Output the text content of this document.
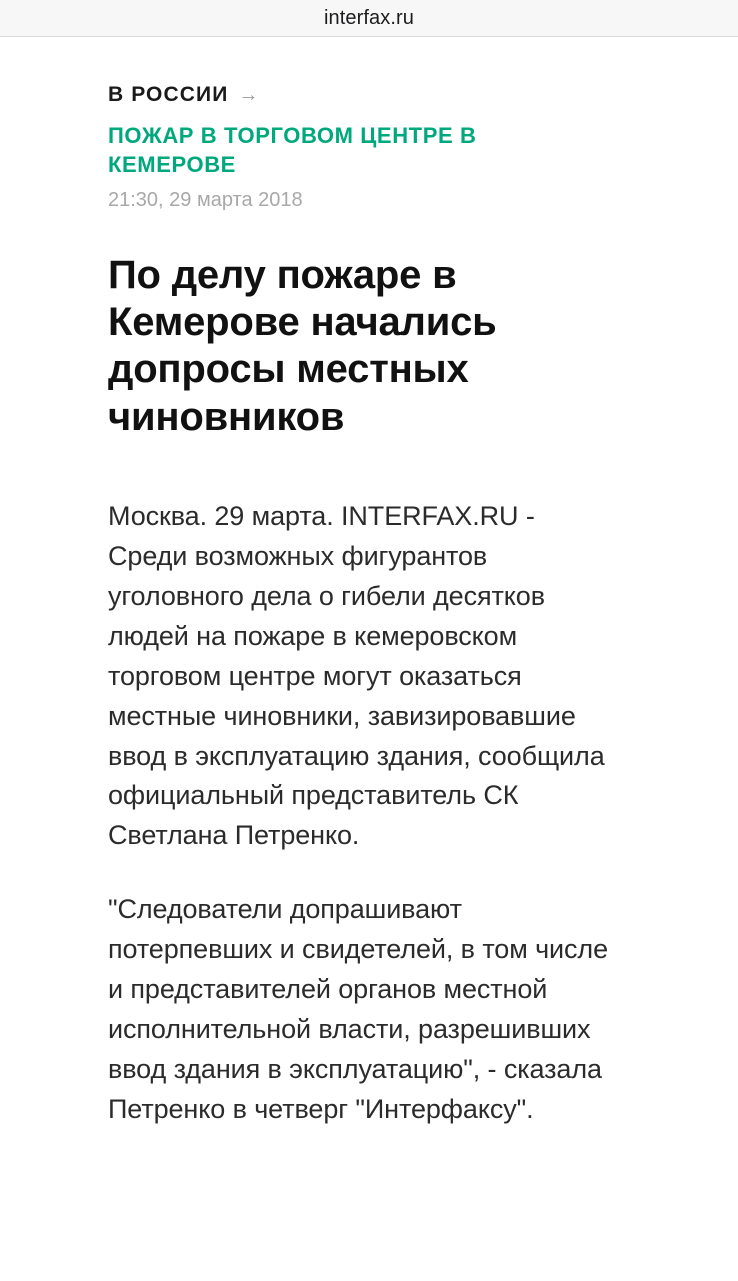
interfax.ru
В РОССИИ →
ПОЖАР В ТОРГОВОМ ЦЕНТРЕ В КЕМЕРОВЕ
21:30, 29 марта 2018
По делу пожаре в Кемерове начались допросы местных чиновников

Москва. 29 марта. INTERFAX.RU - Среди возможных фигурантов уголовного дела о гибели десятков людей на пожаре в кемеровском торговом центре могут оказаться местные чиновники, завизировавшие ввод в эксплуатацию здания, сообщила официальный представитель СК Светлана Петренко.

"Следователи допрашивают потерпевших и свидетелей, в том числе и представителей органов местной исполнительной власти, разрешивших ввод здания в эксплуатацию", - сказала Петренко в четверг "Интерфаксу".
